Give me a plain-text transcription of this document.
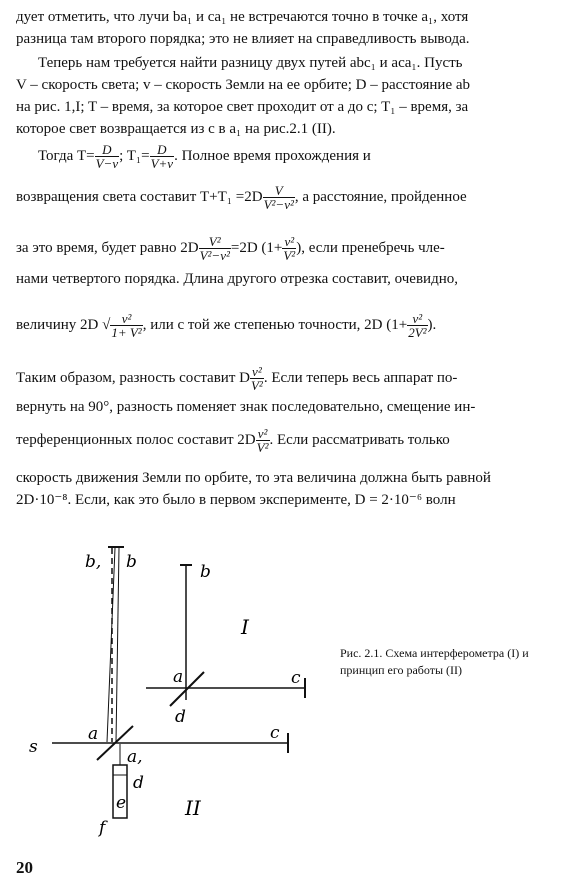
дует отметить, что лучи ba₁ и ca₁ не встречаются точно в точке a₁, хотя
разница там второго порядка; это не влияет на справедливость вывода.
Теперь нам требуется найти разницу двух путей abc₁ и aca₁. Пусть
V – скорость света; v – скорость Земли на ее орбите; D – расстояние ab
на рис. 1,I; T – время, за которое свет проходит от a до c; T₁ – время, за
которое свет возвращается из c в a₁ на рис.2.1 (II).
Тогда $T= \frac{D}{V-v}$ ; $T_1= \frac{D}{V+v}$ . Полное время прохождения и
возвращения света составит $T+T_1 =2D \frac{V}{\text{V²−v²}}$ , а расстояние, пройденное
за это время, будет равно $2D \frac{\text{V²}}{\text{V²−v²}} =2D$ ($1+ \frac{\text{v²}}{\text{V²}}$ ), если пренебречь чле-
нами четвертого порядка. Длина другого отрезка составит, очевидно,
величину 2D √ $\frac{\text{v²}}{\text{1+ V²}}$ , или с той же степенью точности, 2D ($1+ \frac{\text{v²}}{\text{2V²}}$ ).
Таким образом, разность составит D $\frac{\text{v²}}{\text{V²}}$ . Если теперь весь аппарат по-
вернуть на 90°, разность поменяет знак последовательно, смещение ин-
терференционных полос составит $2D \frac{\text{v²}}{\text{V²}}$ . Если рассматривать только
скорость движения Земли по орбите, то эта величина должна быть равной
2D·10⁻⁸. Если, как это было в первом эксперименте, D = 2·10⁻⁶ волн
b, b
a
s	a,
c
d
e
f
II
b
I
a	c
d
Рис. 2.1. Схема интерферометра (I) и принцип его работы (II)
20
